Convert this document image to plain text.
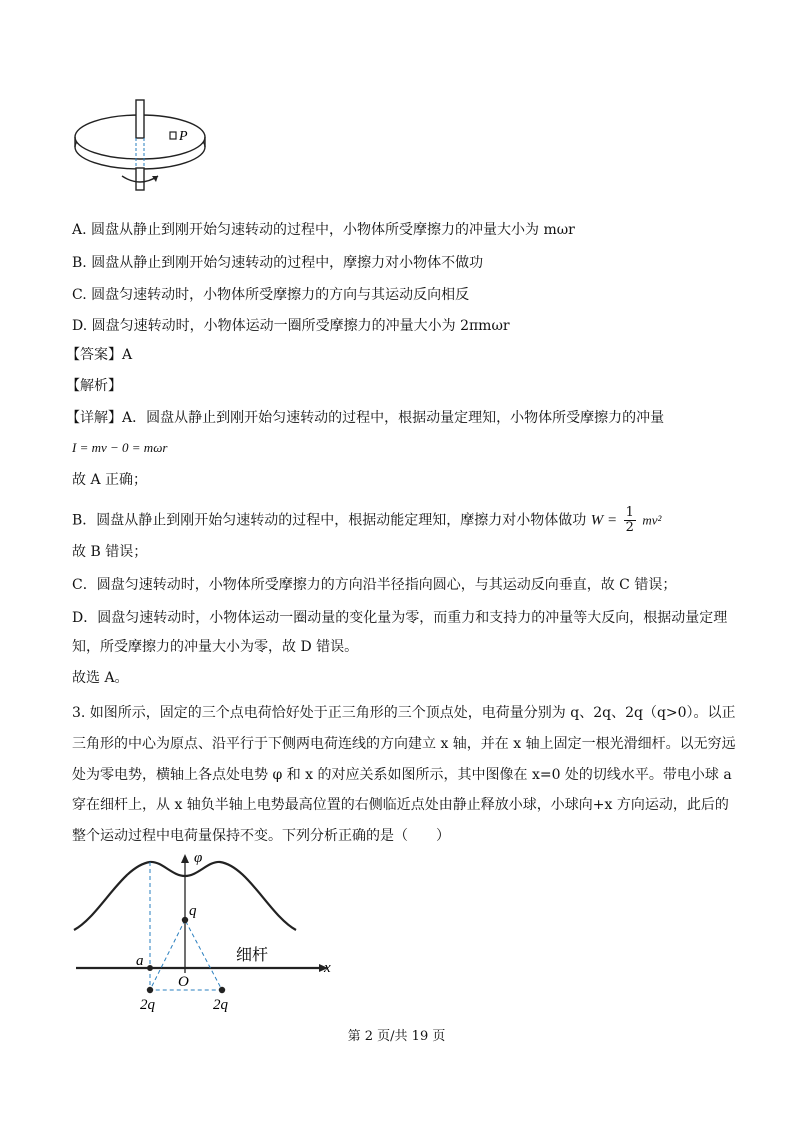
P
A. 圆盘从静止到刚开始匀速转动的过程中，小物体所受摩擦力的冲量大小为 mωr
B. 圆盘从静止到刚开始匀速转动的过程中，摩擦力对小物体不做功
C. 圆盘匀速转动时，小物体所受摩擦力的方向与其运动反向相反
D. 圆盘匀速转动时，小物体运动一圈所受摩擦力的冲量大小为 2πmωr
【答案】A
【解析】
【详解】A．圆盘从静止到刚开始匀速转动的过程中，根据动量定理知，小物体所受摩擦力的冲量
I = mv − 0 = mωr
故 A 正确；
B．圆盘从静止到刚开始匀速转动的过程中，根据动能定理知，摩擦力对小物体做功 $W = \frac{1}{2} mv^2$
故 B 错误；
C．圆盘匀速转动时，小物体所受摩擦力的方向沿半径指向圆心，与其运动反向垂直，故 C 错误；
D．圆盘匀速转动时，小物体运动一圈动量的变化量为零，而重力和支持力的冲量等大反向，根据动量定理
知，所受摩擦力的冲量大小为零，故 D 错误。
故选 A。
3. 如图所示，固定的三个点电荷恰好处于正三角形的三个顶点处，电荷量分别为 q、2q、2q（q>0）。以正
三角形的中心为原点、沿平行于下侧两电荷连线的方向建立 x 轴，并在 x 轴上固定一根光滑细杆。以无穷远
处为零电势，横轴上各点处电势 φ 和 x 的对应关系如图所示，其中图像在 x=0 处的切线水平。带电小球 a
穿在细杆上，从 x 轴负半轴上电势最高位置的右侧临近点处由静止释放小球，小球向+x 方向运动，此后的
整个运动过程中电荷量保持不变。下列分析正确的是（　　）
φ
x
q
2q	2q
a
O
细杆
第 2 页/共 19 页
